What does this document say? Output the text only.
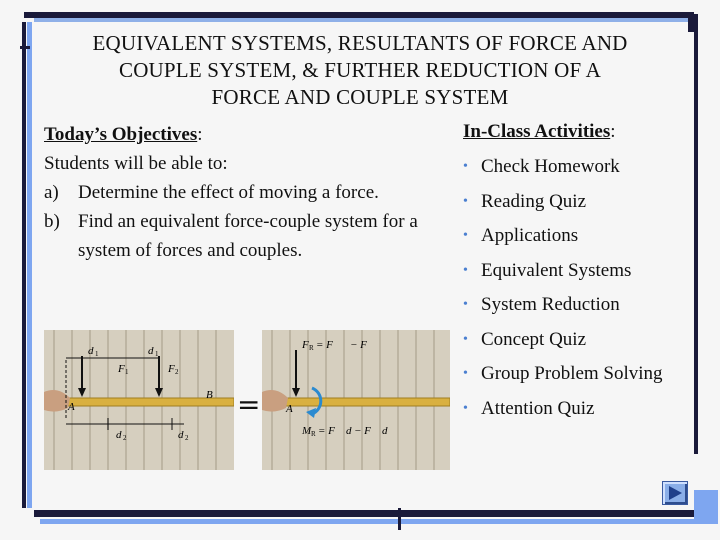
EQUIVALENT SYSTEMS, RESULTANTS OF FORCE AND
COUPLE SYSTEM, & FURTHER REDUCTION OF A
FORCE AND COUPLE SYSTEM
Today’s Objectives:
Students will be able to:
a)	Determine the effect of moving a force.
b) Find an equivalent force-couple system for a system of forces and couples.
In-Class Activities:
• Check Homework
• Reading Quiz
• Applications
• Equivalent Systems
• System Reduction
• Concept Quiz
• Group Problem Solving
• Attention Quiz
d 1	d 1
F 1	F 2
A
B
d 2	d 2
=
F R = F − F
A
M R = F d − F d
